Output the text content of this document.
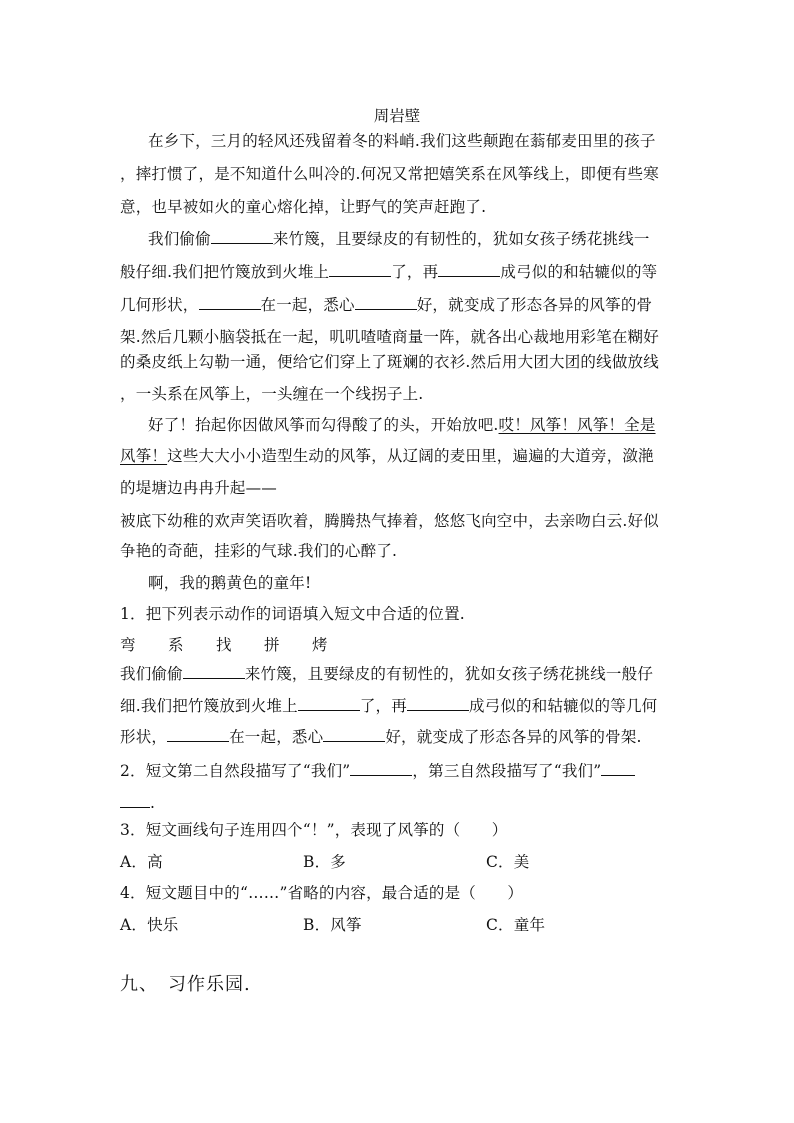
周岩壁
在乡下，三月的轻风还残留着冬的料峭.我们这些颠跑在蓊郁麦田里的孩子
，摔打惯了，是不知道什么叫冷的.何况又常把嬉笑系在风筝线上，即便有些寒
意，也早被如火的童心熔化掉，让野气的笑声赶跑了.
我们偷偷	来竹篾，且要绿皮的有韧性的，犹如女孩子绣花挑线一
般仔细.我们把竹篾放到火堆上	了，再	成弓似的和轱辘似的等
几何形状，	在一起，悉心	好，就变成了形态各异的风筝的骨
架.然后几颗小脑袋抵在一起，叽叽喳喳商量一阵，就各出心裁地用彩笔在糊好
的桑皮纸上勾勒一通，便给它们穿上了斑斓的衣衫.然后用大团大团的线做放线
，一头系在风筝上，一头缠在一个线拐子上.
好了！抬起你因做风筝而勾得酸了的头，开始放吧.哎！风筝！风筝！全是
风筝！这些大大小小造型生动的风筝，从辽阔的麦田里，遍遍的大道旁，潋滟
的堤塘边冉冉升起——
被底下幼稚的欢声笑语吹着，腾腾热气捧着，悠悠飞向空中，去亲吻白云.好似
争艳的奇葩，挂彩的气球.我们的心醉了.
啊，我的鹅黄色的童年!
1．把下列表示动作的词语填入短文中合适的位置.
弯 系 找 拼 烤
我们偷偷	来竹篾，且要绿皮的有韧性的，犹如女孩子绣花挑线一般仔
细.我们把竹篾放到火堆上	了，再	成弓似的和轱辘似的等几何
形状，	在一起，悉心	好，就变成了形态各异的风筝的骨架.
2．短文第二自然段描写了“我们”	，第三自然段描写了“我们”
.
3．短文画线句子连用四个“！”，表现了风筝的（　　）
A．高	B．多	C．美
4．短文题目中的“……”省略的内容，最合适的是（　　）
A．快乐	B．风筝	C．童年
九、　习作乐园.
